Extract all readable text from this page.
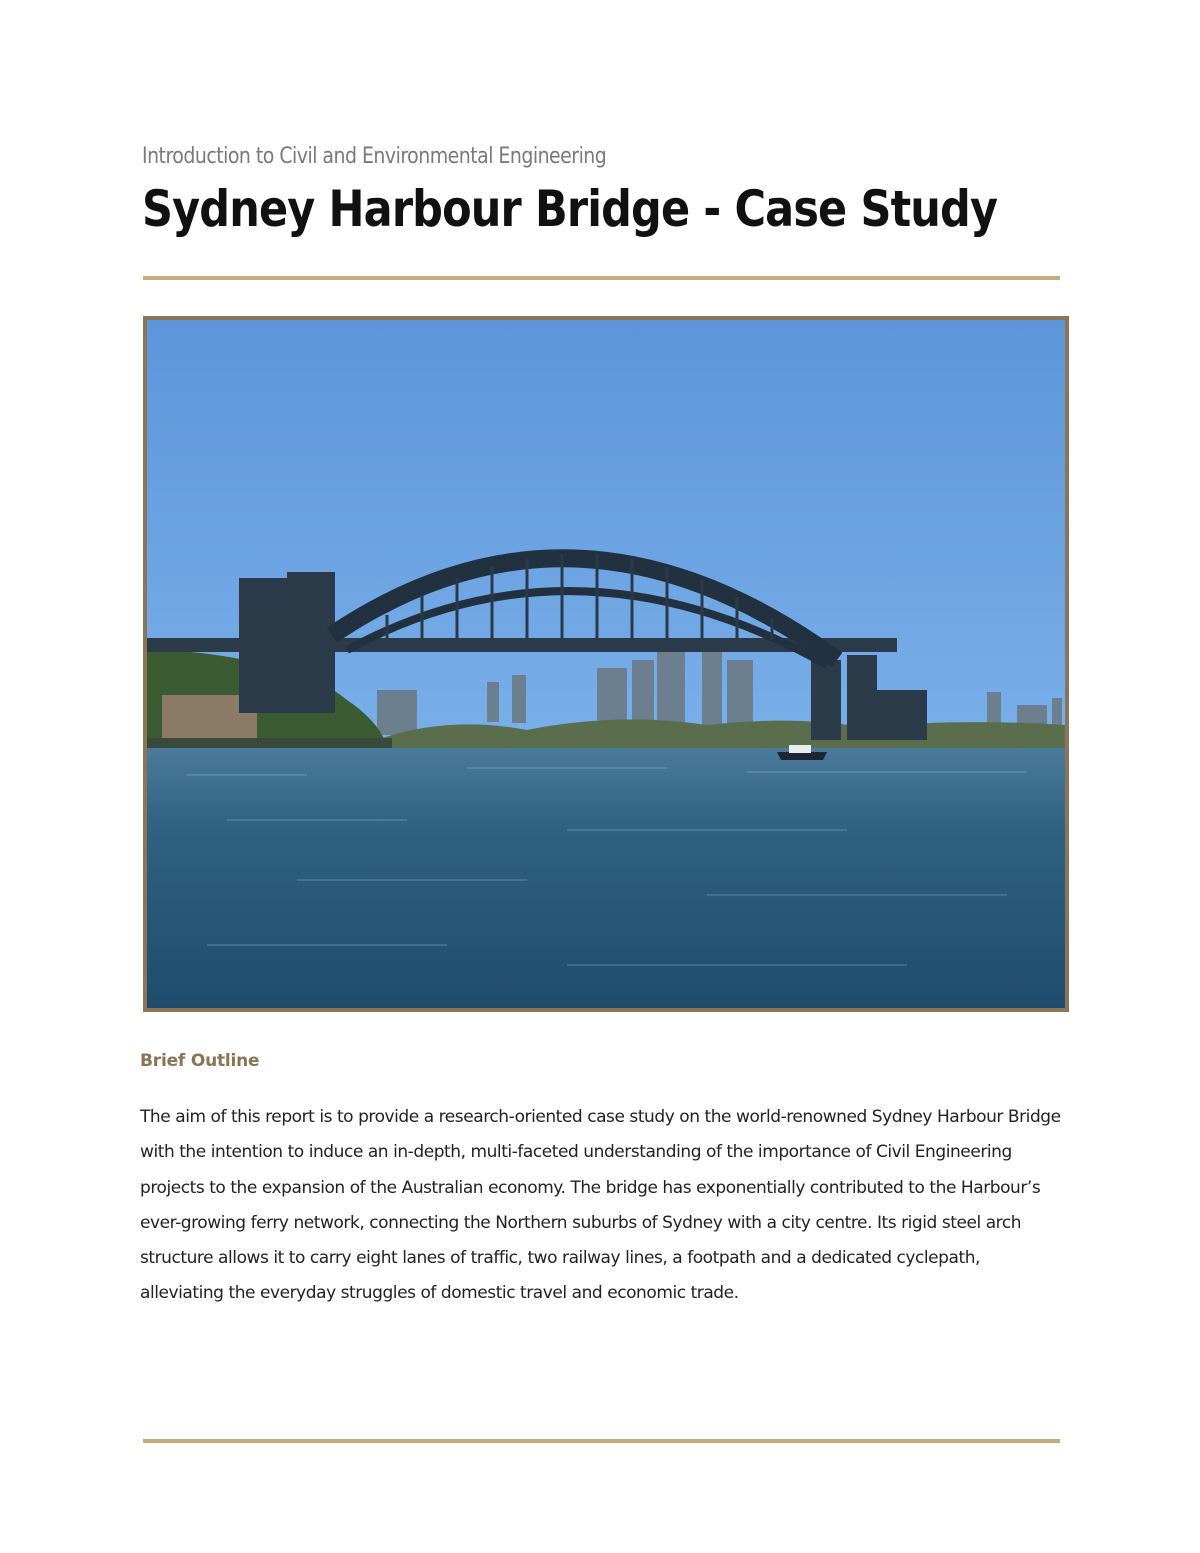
Introduction to Civil and Environmental Engineering
Sydney Harbour Bridge - Case Study
Brief Outline
The aim of this report is to provide a research-oriented case study on the world-renowned Sydney Harbour Bridge with the intention to induce an in-depth, multi-faceted understanding of the importance of Civil Engineering projects to the expansion of the Australian economy. The bridge has exponentially contributed to the Harbour’s ever-growing ferry network, connecting the Northern suburbs of Sydney with a city centre. Its rigid steel arch structure allows it to carry eight lanes of traffic, two railway lines, a footpath and a dedicated cyclepath, alleviating the everyday struggles of domestic travel and economic trade.
